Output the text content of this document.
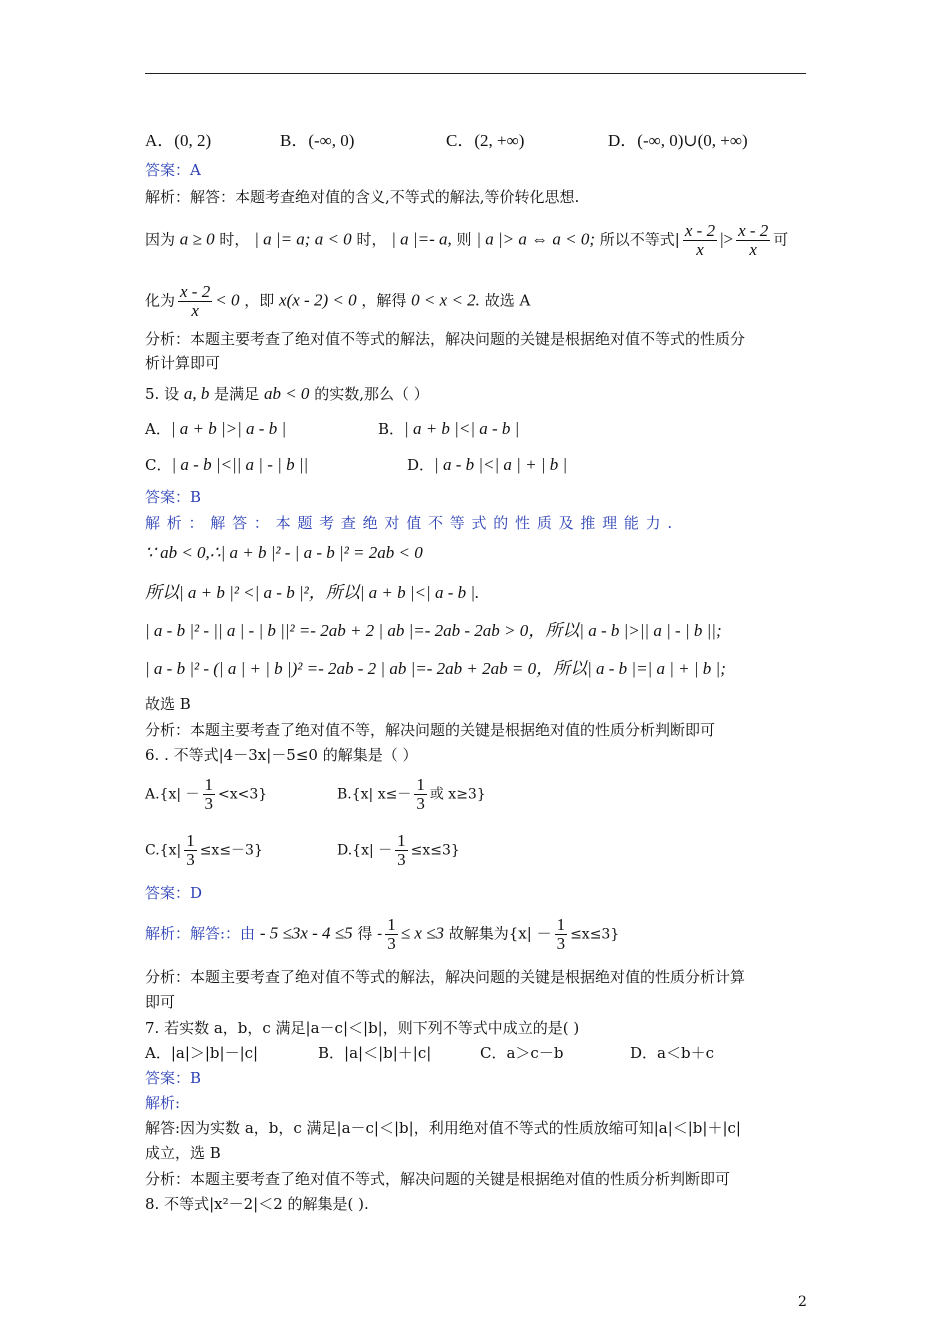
A．(0, 2)	B．(-∞, 0)	C．(2, +∞)	D．(-∞, 0)∪(0, +∞)
答案：A
解析：解答：本题考查绝对值的含义,不等式的解法,等价转化思想.
因为 a ≥ 0 时， | a |= a; a < 0 时， | a |=- a, 则 | a |> a ⇔ a < 0; 所以不等式| $\frac{x - 2}{x}$ |> $\frac{x - 2}{x}$ 可
化为 $\frac{x - 2}{x} < 0$ ，即 x(x - 2) < 0 ，解得 0 < x < 2. 故选 A
分析：本题主要考查了绝对值不等式的解法，解决问题的关键是根据绝对值不等式的性质分
析计算即可
5. 设 a, b 是满足 ab < 0 的实数,那么（ ）
A．| a + b |>| a - b |	B．| a + b |<| a - b |
C．| a - b |<|| a | - | b ||	D．| a - b |<| a | + | b |
答案：B
解 析 ： 解 答 ： 本 题 考 查 绝 对 值 不 等 式 的 性 质 及 推 理 能 力 .
∵ ab < 0,∴| a + b |² - | a - b |² = 2ab < 0
所以| a + b |² <| a - b |²，所以| a + b |<| a - b |.
| a - b |² - || a | - | b ||² =- 2ab + 2 | ab |=- 2ab - 2ab > 0，所以| a - b |>|| a | - | b ||;
| a - b |² - (| a | + | b |)² =- 2ab - 2 | ab |=- 2ab + 2ab = 0，所以| a - b |=| a | + | b |;
故选 B
分析：本题主要考查了绝对值不等，解决问题的关键是根据绝对值的性质分析判断即可
6. . 不等式|4－3x|－5≤0 的解集是（ ）
$A.\{x| - \frac{1}{3} <x<3\}$	B.{x| $x\le- \frac{1}{3}$ 或 x≥3}
$C.\{x| \frac{1}{3} \le x\le-3\}$	$D.\{x| - \frac{1}{3} \le x\le 3\}$
答案：D
解析：解答:：由 - 5 ≤3x - 4 ≤5 得 - $\frac{1}{3} \le x \le 3$ 故解集为$\{x| - \frac{1}{3} \le x\le 3\}$
分析：本题主要考查了绝对值不等式的解法，解决问题的关键是根据绝对值的性质分析计算
即可
7. 若实数 a，b，c 满足|a－c|＜|b|，则下列不等式中成立的是( )
A．|a|＞|b|－|c|	B．|a|＜|b|＋|c|	C．a＞c－b	D．a＜b＋c
答案：B
解析:
解答:因为实数 a，b，c 满足|a－c|＜|b|，利用绝对值不等式的性质放缩可知|a|＜|b|＋|c|
成立，选 B
分析：本题主要考查了绝对值不等式，解决问题的关键是根据绝对值的性质分析判断即可
8. 不等式|x²－2|＜2 的解集是( ).
2
